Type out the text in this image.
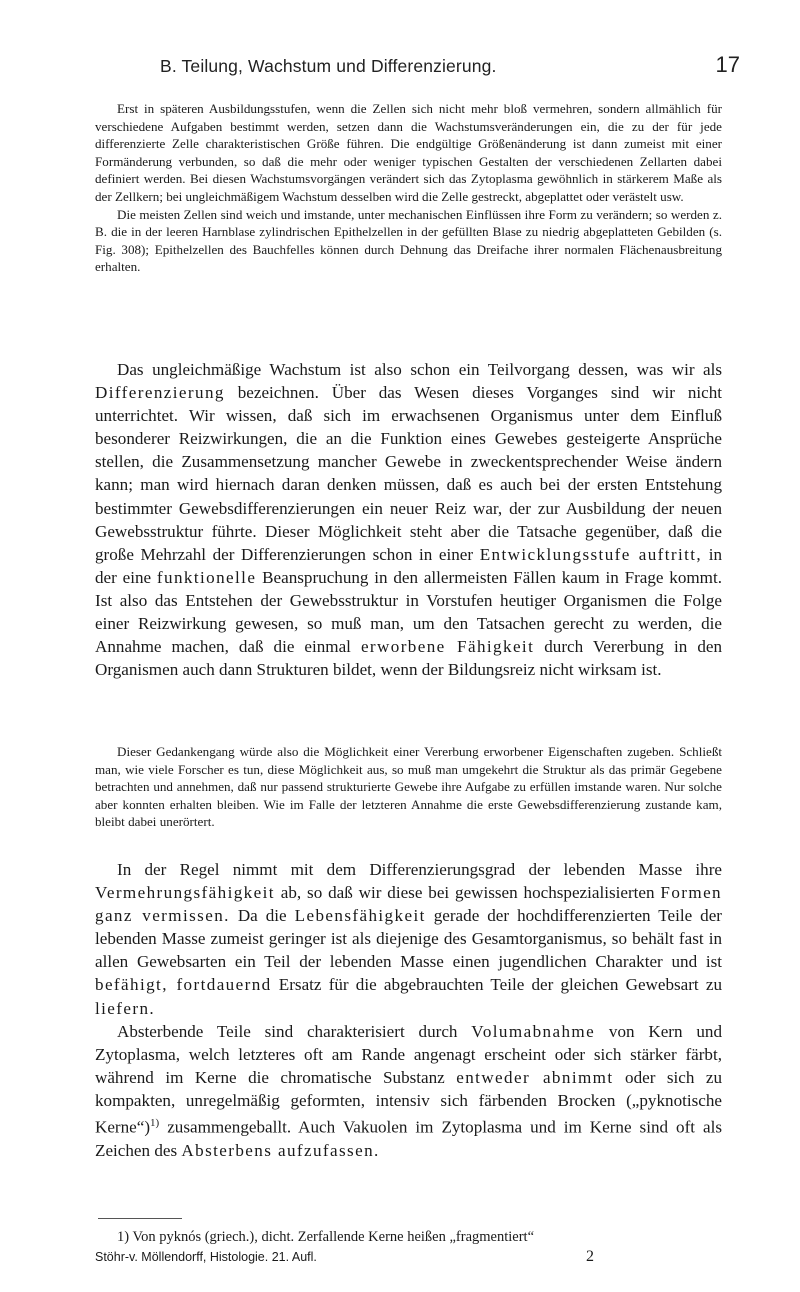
B. Teilung, Wachstum und Differenzierung.	17

Erst in späteren Ausbildungsstufen, wenn die Zellen sich nicht mehr bloß vermehren, sondern allmählich für verschiedene Aufgaben bestimmt werden, setzen dann die Wachstumsveränderungen ein, die zu der für jede differenzierte Zelle charakteristischen Größe führen. Die endgültige Größenänderung ist dann zumeist mit einer Formänderung verbunden, so daß die mehr oder weniger typischen Gestalten der verschiedenen Zellarten dabei definiert werden. Bei diesen Wachstumsvorgängen verändert sich das Zytoplasma gewöhnlich in stärkerem Maße als der Zellkern; bei ungleichmäßigem Wachstum desselben wird die Zelle gestreckt, abgeplattet oder verästelt usw.

Die meisten Zellen sind weich und imstande, unter mechanischen Einflüssen ihre Form zu verändern; so werden z. B. die in der leeren Harnblase zylindrischen Epithelzellen in der gefüllten Blase zu niedrig abgeplatteten Gebilden (s. Fig. 308); Epithelzellen des Bauchfelles können durch Dehnung das Dreifache ihrer normalen Flächenausbreitung erhalten.

Das ungleichmäßige Wachstum ist also schon ein Teilvorgang dessen, was wir als Differenzierung bezeichnen. Über das Wesen dieses Vorganges sind wir nicht unterrichtet. Wir wissen, daß sich im erwachsenen Organismus unter dem Einfluß besonderer Reizwirkungen, die an die Funktion eines Gewebes gesteigerte Ansprüche stellen, die Zusammensetzung mancher Gewebe in zweckentsprechender Weise ändern kann; man wird hiernach daran denken müssen, daß es auch bei der ersten Entstehung bestimmter Gewebsdifferenzierungen ein neuer Reiz war, der zur Ausbildung der neuen Gewebsstruktur führte. Dieser Möglichkeit steht aber die Tatsache gegenüber, daß die große Mehrzahl der Differenzierungen schon in einer Entwicklungsstufe auftritt, in der eine funktionelle Beanspruchung in den allermeisten Fällen kaum in Frage kommt. Ist also das Entstehen der Gewebsstruktur in Vorstufen heutiger Organismen die Folge einer Reizwirkung gewesen, so muß man, um den Tatsachen gerecht zu werden, die Annahme machen, daß die einmal erworbene Fähigkeit durch Vererbung in den Organismen auch dann Strukturen bildet, wenn der Bildungsreiz nicht wirksam ist.

Dieser Gedankengang würde also die Möglichkeit einer Vererbung erworbener Eigenschaften zugeben. Schließt man, wie viele Forscher es tun, diese Möglichkeit aus, so muß man umgekehrt die Struktur als das primär Gegebene betrachten und annehmen, daß nur passend strukturierte Gewebe ihre Aufgabe zu erfüllen imstande waren. Nur solche aber konnten erhalten bleiben. Wie im Falle der letzteren Annahme die erste Gewebsdifferenzierung zustande kam, bleibt dabei unerörtert.

In der Regel nimmt mit dem Differenzierungsgrad der lebenden Masse ihre Vermehrungsfähigkeit ab, so daß wir diese bei gewissen hochspezialisierten Formen ganz vermissen. Da die Lebensfähigkeit gerade der hochdifferenzierten Teile der lebenden Masse zumeist geringer ist als diejenige des Gesamtorganismus, so behält fast in allen Gewebsarten ein Teil der lebenden Masse einen jugendlichen Charakter und ist befähigt, fortdauernd Ersatz für die abgebrauchten Teile der gleichen Gewebsart zu liefern.

Absterbende Teile sind charakterisiert durch Volumabnahme von Kern und Zytoplasma, welch letzteres oft am Rande angenagt erscheint oder sich stärker färbt, während im Kerne die chromatische Substanz entweder abnimmt oder sich zu kompakten, unregelmäßig geformten, intensiv sich färbenden Brocken („pyknotische Kerne“)$^{1)}$ zusammengeballt. Auch Vakuolen im Zytoplasma und im Kerne sind oft als Zeichen des Absterbens aufzufassen.

1) Von pyknós (griech.), dicht. Zerfallende Kerne heißen „fragmentiert“

Stöhr-v. Möllendorff, Histologie. 21. Aufl.	2
